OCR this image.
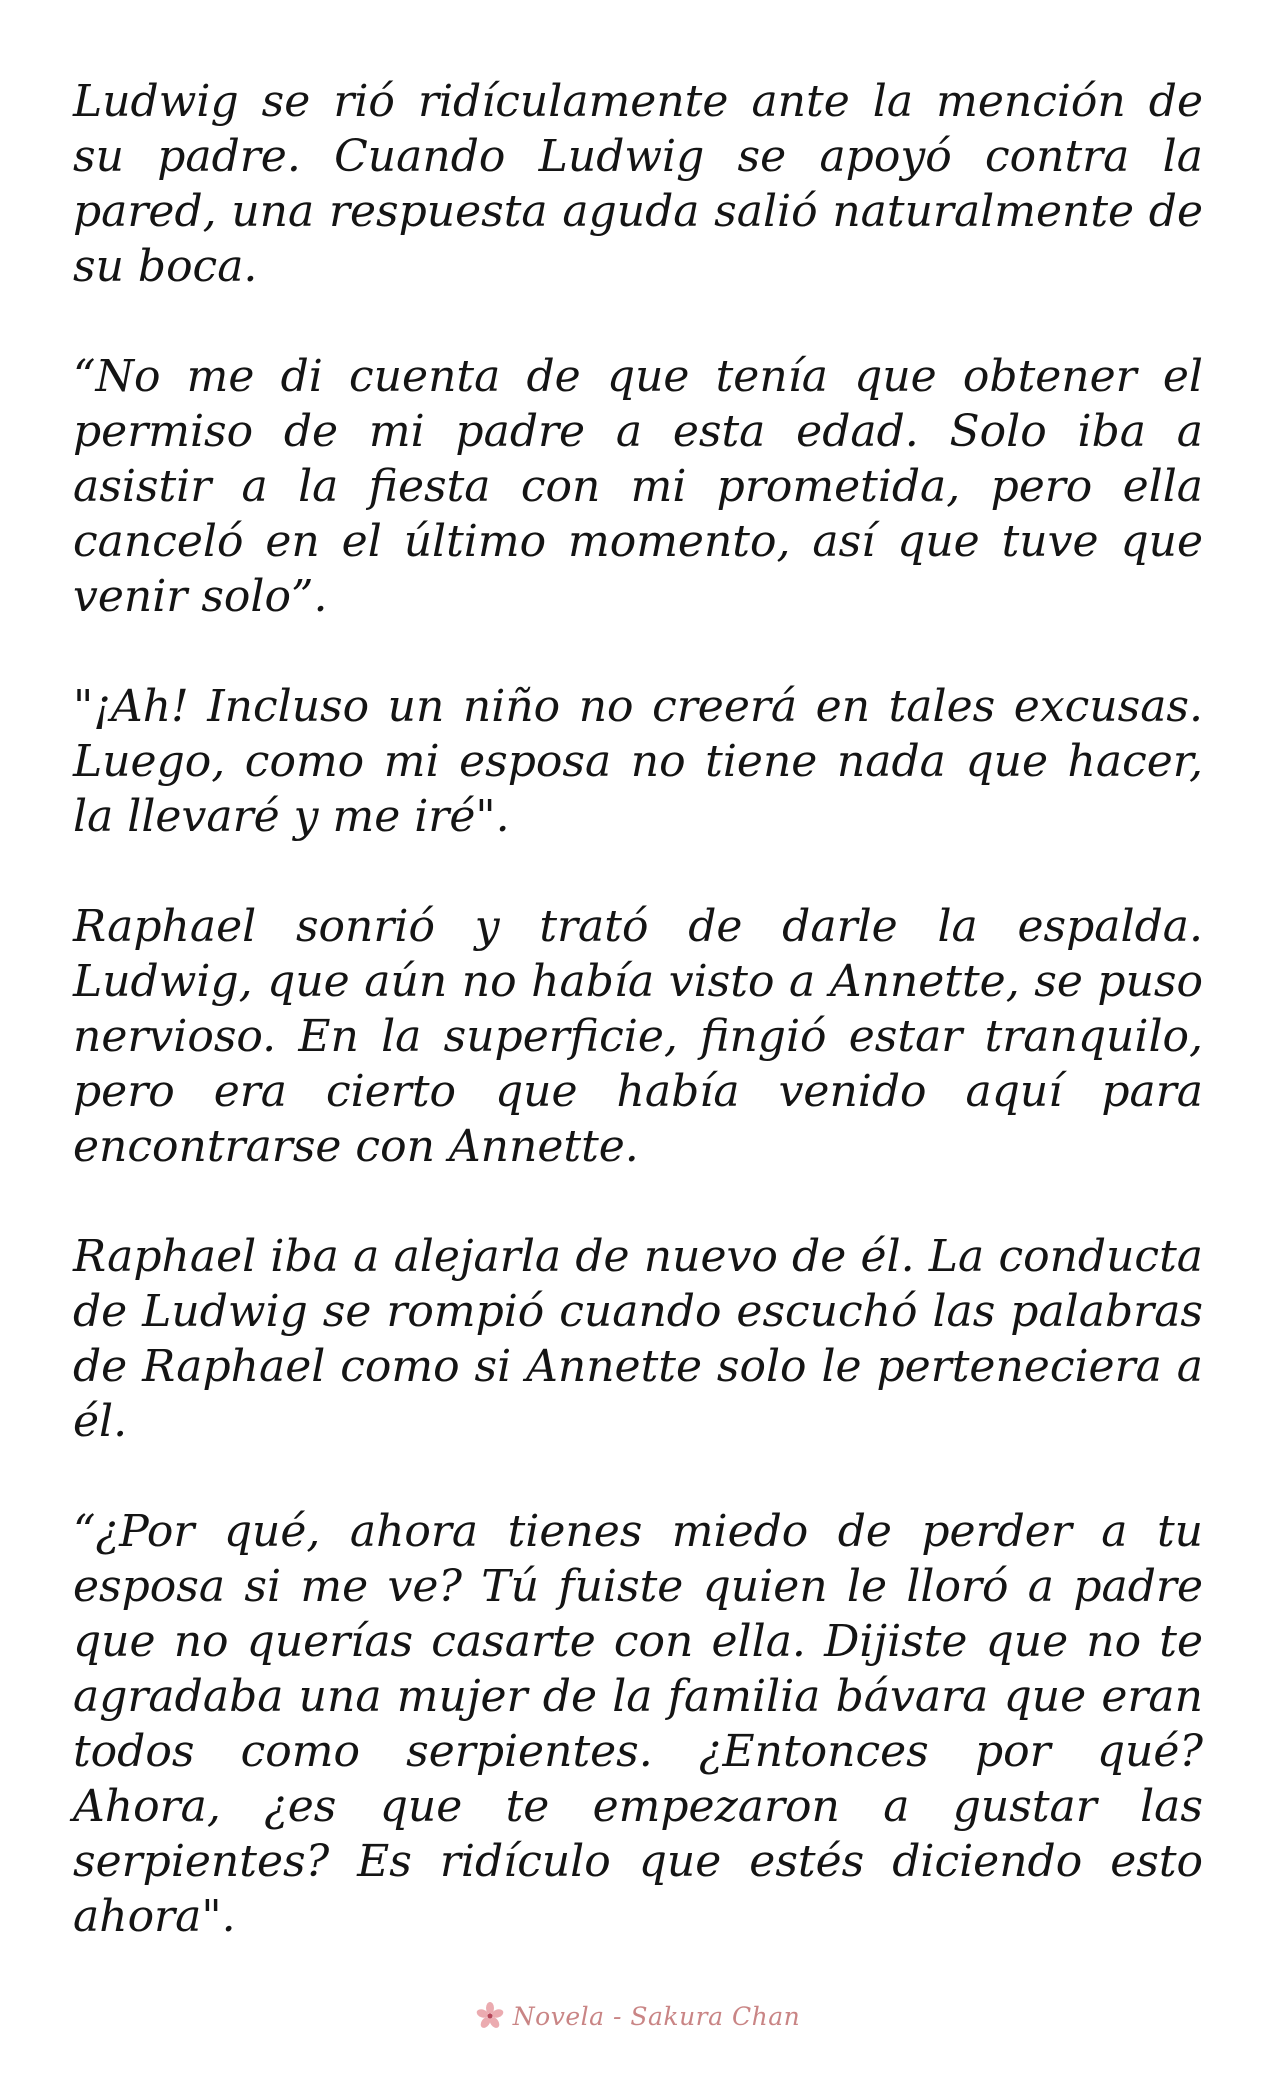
Ludwig se rió ridículamente ante la mención de su padre. Cuando Ludwig se apoyó contra la pared, una respuesta aguda salió naturalmente de su boca.

“No me di cuenta de que tenía que obtener el permiso de mi padre a esta edad. Solo iba a asistir a la fiesta con mi prometida, pero ella canceló en el último momento, así que tuve que venir solo”.

"¡Ah! Incluso un niño no creerá en tales excusas. Luego, como mi esposa no tiene nada que hacer, la llevaré y me iré".

Raphael sonrió y trató de darle la espalda. Ludwig, que aún no había visto a Annette, se puso nervioso. En la superficie, fingió estar tranquilo, pero era cierto que había venido aquí para encontrarse con Annette.

Raphael iba a alejarla de nuevo de él. La conducta de Ludwig se rompió cuando escuchó las palabras de Raphael como si Annette solo le perteneciera a él.

“¿Por qué, ahora tienes miedo de perder a tu esposa si me ve? Tú fuiste quien le lloró a padre que no querías casarte con ella. Dijiste que no te agradaba una mujer de la familia bávara que eran todos como serpientes. ¿Entonces por qué? Ahora, ¿es que te empezaron a gustar las serpientes? Es ridículo que estés diciendo esto ahora".

Novela - Sakura Chan
